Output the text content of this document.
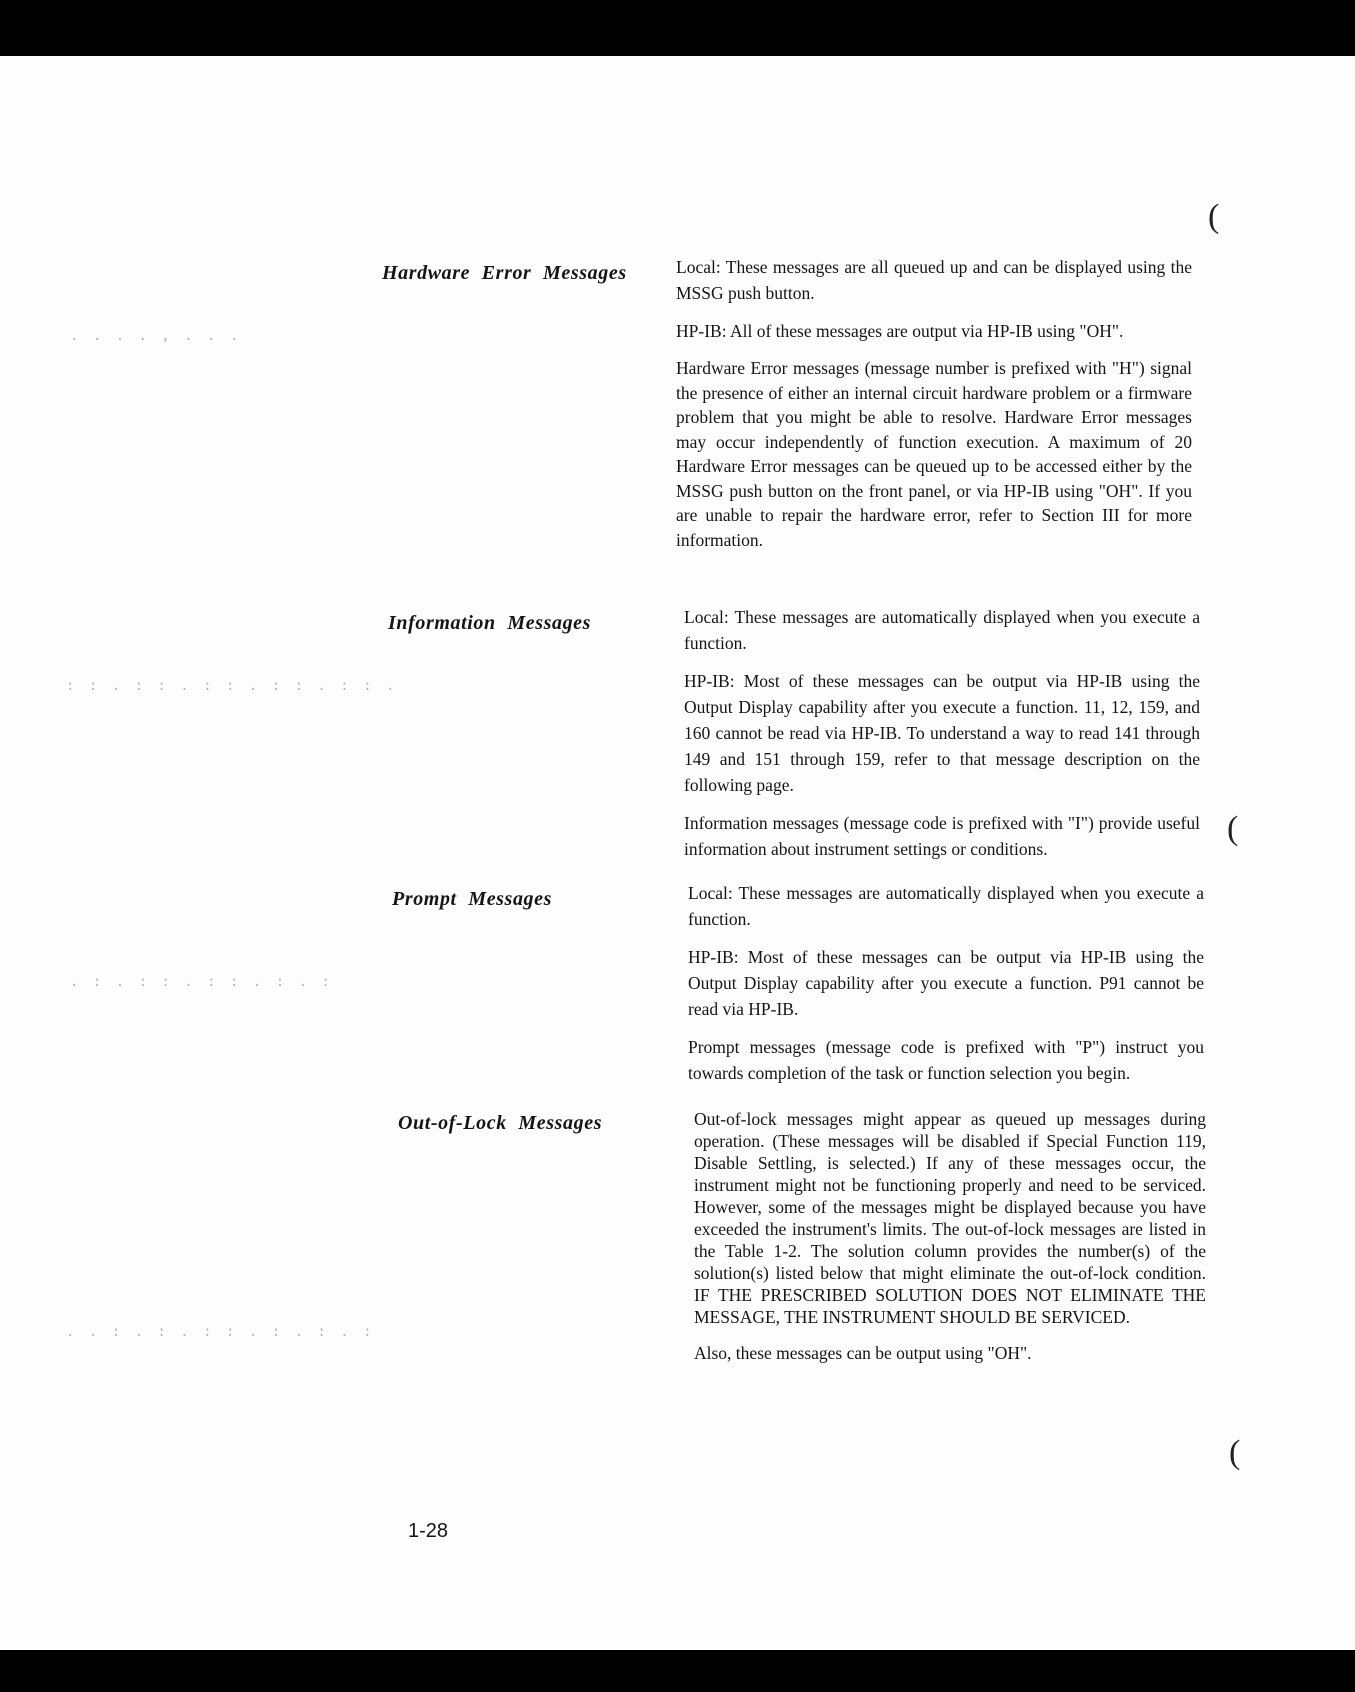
. . . . , . . .
: : . : : . : : . : : . : : .
. : . : : . : : . : . :
. . : . : . : : . : . : . :
(
(
(
Hardware Error Messages	Local: These messages are all queued up and can be displayed using the MSSG push button.

HP-IB: All of these messages are output via HP-IB using "OH".

Hardware Error messages (message number is prefixed with "H") signal the presence of either an internal circuit hardware problem or a firmware problem that you might be able to resolve. Hardware Error messages may occur independently of function execution. A maximum of 20 Hardware Error messages can be queued up to be accessed either by the MSSG push button on the front panel, or via HP-IB using "OH". If you are unable to repair the hardware error, refer to Section III for more information.

Information Messages	Local: These messages are automatically displayed when you execute a function.

HP-IB: Most of these messages can be output via HP-IB using the Output Display capability after you execute a function. 11, 12, 159, and 160 cannot be read via HP-IB. To understand a way to read 141 through 149 and 151 through 159, refer to that message description on the following page.

Information messages (message code is prefixed with "I") provide useful information about instrument settings or conditions.

Prompt Messages	Local: These messages are automatically displayed when you execute a function.

HP-IB: Most of these messages can be output via HP-IB using the Output Display capability after you execute a function. P91 cannot be read via HP-IB.

Prompt messages (message code is prefixed with "P") instruct you towards completion of the task or function selection you begin.

Out-of-Lock Messages	Out-of-lock messages might appear as queued up messages during operation. (These messages will be disabled if Special Function 119, Disable Settling, is selected.) If any of these messages occur, the instrument might not be functioning properly and need to be serviced. However, some of the messages might be displayed because you have exceeded the instrument's limits. The out-of-lock messages are listed in the Table 1-2. The solution column provides the number(s) of the solution(s) listed below that might eliminate the out-of-lock condition. IF THE PRESCRIBED SOLUTION DOES NOT ELIMINATE THE MESSAGE, THE INSTRUMENT SHOULD BE SERVICED.

Also, these messages can be output using "OH".

1-28
